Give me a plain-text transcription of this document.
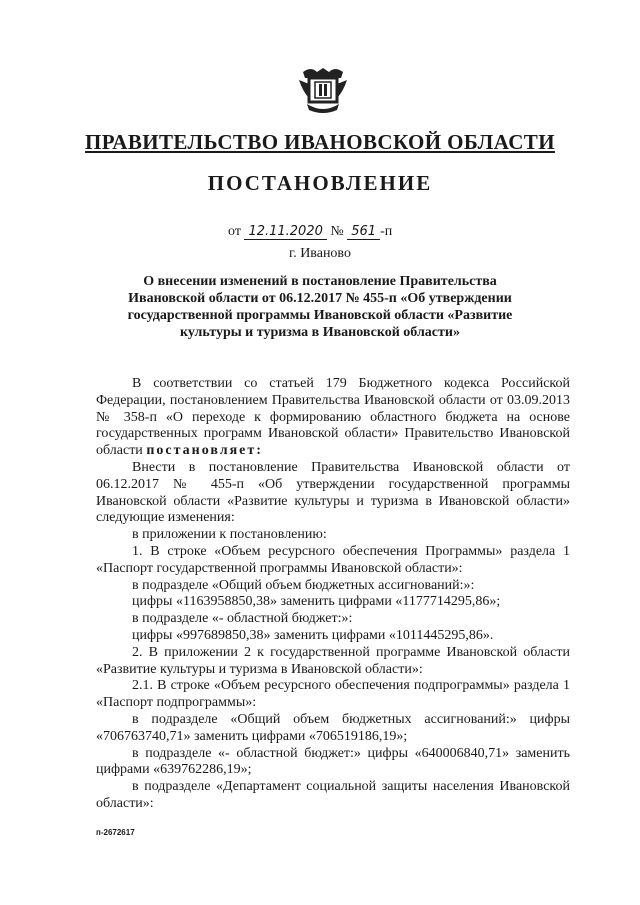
ПРАВИТЕЛЬСТВО ИВАНОВСКОЙ ОБЛАСТИ
ПОСТАНОВЛЕНИЕ
от 12.11.2020 № 561 -п
г. Иваново
О внесении изменений в постановление Правительства Ивановской области от 06.12.2017 № 455-п «Об утверждении государственной программы Ивановской области «Развитие культуры и туризма в Ивановской области»

В соответствии со статьей 179 Бюджетного кодекса Российской Федерации, постановлением Правительства Ивановской области от 03.09.2013 № 358-п «О переходе к формированию областного бюджета на основе государственных программ Ивановской области» Правительство Ивановской области постановляет:

Внести в постановление Правительства Ивановской области от 06.12.2017 № 455-п «Об утверждении государственной программы Ивановской области «Развитие культуры и туризма в Ивановской области» следующие изменения:

в приложении к постановлению:

1. В строке «Объем ресурсного обеспечения Программы» раздела 1 «Паспорт государственной программы Ивановской области»:

в подразделе «Общий объем бюджетных ассигнований:»:

цифры «1163958850,38» заменить цифрами «1177714295,86»;

в подразделе «- областной бюджет:»:

цифры «997689850,38» заменить цифрами «1011445295,86».

2. В приложении 2 к государственной программе Ивановской области «Развитие культуры и туризма в Ивановской области»:

2.1. В строке «Объем ресурсного обеспечения подпрограммы» раздела 1 «Паспорт подпрограммы»:

в подразделе «Общий объем бюджетных ассигнований:» цифры «706763740,71» заменить цифрами «706519186,19»;

в подразделе «- областной бюджет:» цифры «640006840,71» заменить цифрами «639762286,19»;

в подразделе «Департамент социальной защиты населения Ивановской области»:

п-2672617
